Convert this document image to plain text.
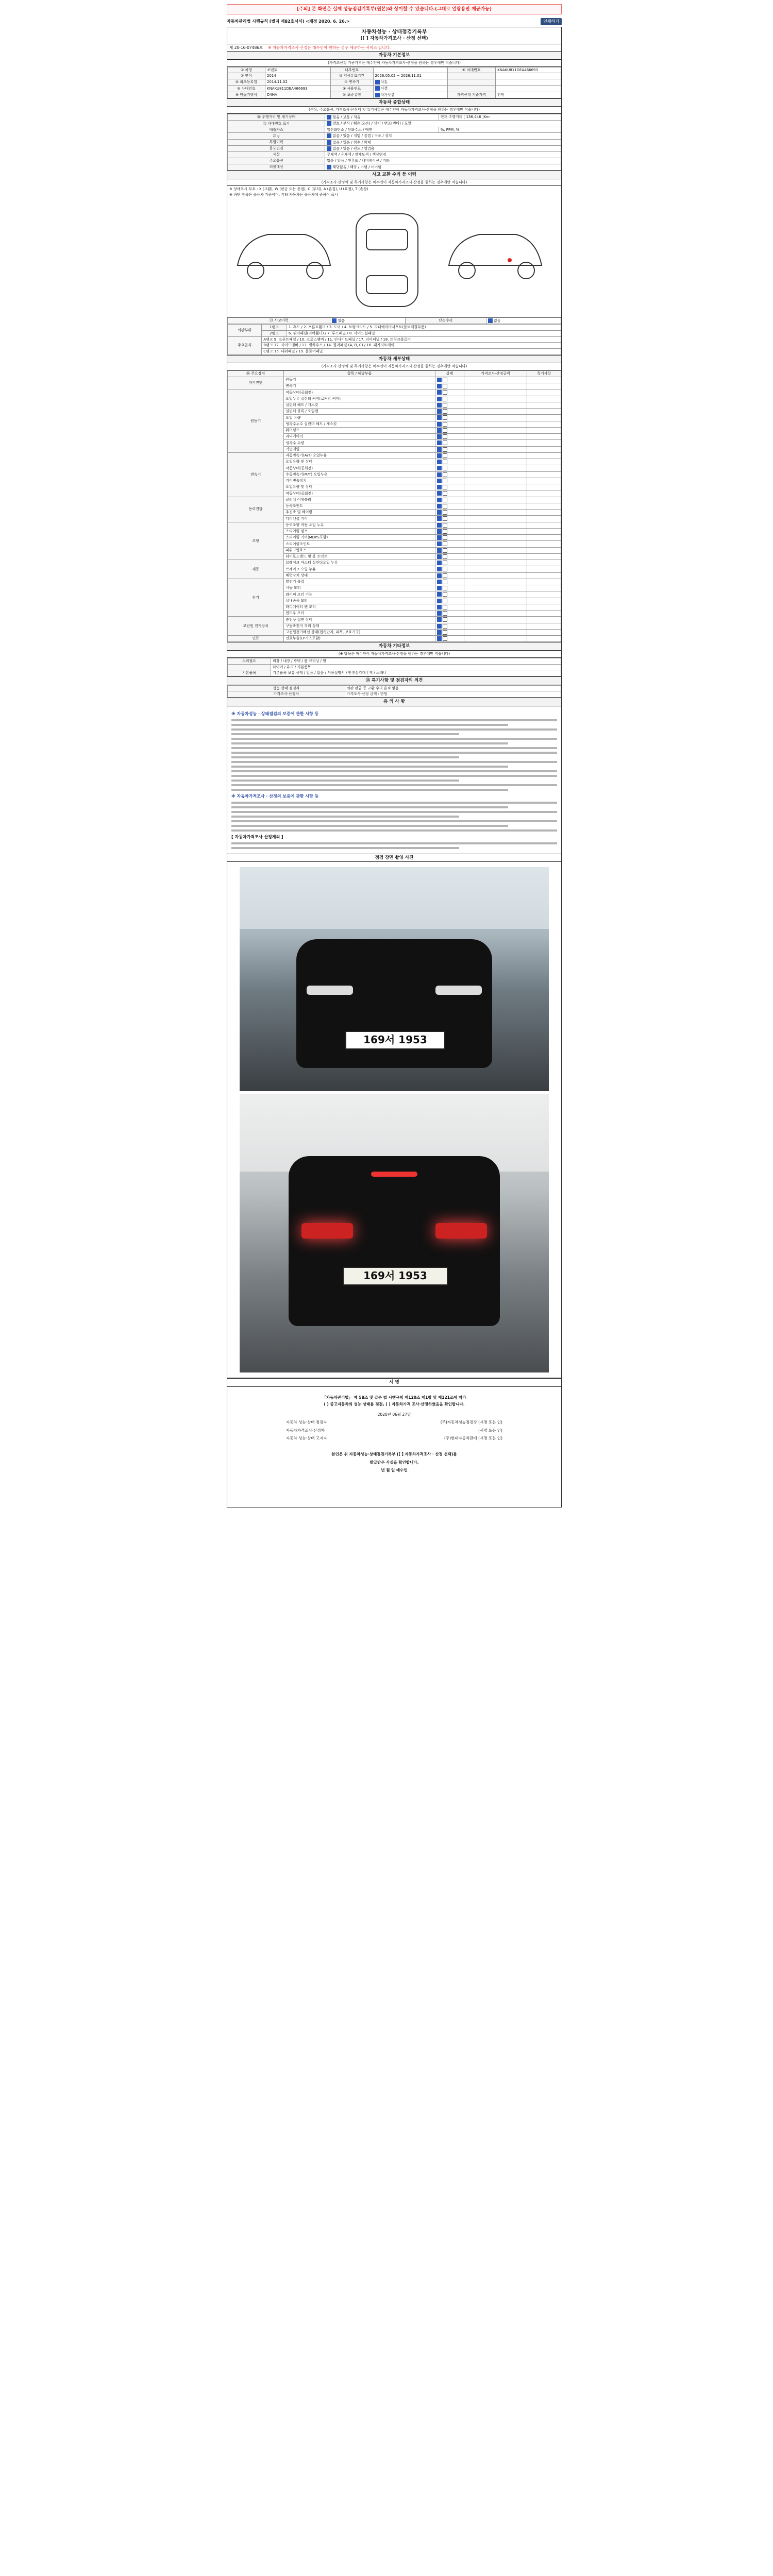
[주의] 본 화면은 실제 성능점검기록부(원본)와 상이할 수 있습니다.(그대로 열람용만 제공가능)
자동차관리법 시행규칙 [별지 제82호서식] <개정 2020. 6. 26.>	인쇄하기
자동차성능 · 상태점검기록부
([ ] 자동차가격조사 · 산정 선택)
제 20-16-07486호 ※ 자동차가격조사·산정은 매수인이 원하는 경우 제공하는 서비스 입니다.
자동차 기본정보
(가격조산정 기준가격은 매수인이 자동차가격조사·산정을 원하는 경우에만 적습니다)
① 차명	쏘렌토	내부번호		⑥ 차대번호	KNAKU811DEA466693
② 연식	2014	③ 검사유효기간	2026.05.02 ~ 2026.11.01		
④ 최초등록일	2014.11.02	⑦ 변속기	자동		
⑤ 차대번호	KNAKU811DEA466693	⑧ 사용연료	디젤		
⑨ 원동기형식	D4HA	⑩ 보증유형	자가보증	가격산정 기준가격	만원
자동차 종합상태
(색상, 주요옵션, 가격조사·산정액 및 특기사항은 매수인이 자동차가격조사·산정을 원하는 경우에만 적습니다)
⑪ 주행거리 및 계기상태	많음 / 보통 / 적음	현재 주행거리 [ 136,446 ]Km
⑫ 차대번호 표기	양호 / 부식 / 훼손(오손) / 상이 / 변조(변타) / 도말	
배출가스	일산화탄소 / 탄화수소 / 매연	%, PPM, %
튜닝	없음 / 있음 / 적법 / 불법 / 구조 / 장치	
특별이력	없음 / 있음 / 침수 / 화재	
용도변경	없음 / 있음 / 렌트 / 영업용	
색상	무채색 / 유채색 / 전체도색 / 색상변경	
주요옵션	없음 / 있음 / 썬루프 / 네비게이션 / 기타	
리콜대상	해당없음 / 해당 / 이행 / 미이행	
사고 교환 수리 등 이력
(가격조사·산정액 및 특기사항은 매수인이 자동차가격조사·산정을 원하는 경우에만 적습니다)
※ 상태표시 부호 : X (교환), W (판금 또는 용접), C (부식), A (흠집), U (요철), T (손상)
※ 하단 항목은 승용차 기준이며, 기타 자동차는 승용차에 준하여 표시
⑬ 사고이력	없음	단순수리	없음
외판부위	1랭크	1. 후드 / 2. 프론트휀더 / 3. 도어 / 4. 트렁크리드 / 5. 라디에이터서포트(볼트체결부품)
	2랭크	6. 쿼터패널(리어휀더) / 7. 루프패널 / 8. 사이드실패널
주요골격	A랭크 9. 프론트패널 / 10. 크로스멤버 / 11. 인사이드패널 / 17. 리어패널 / 18. 트렁크플로어	
	B랭크 12. 사이드멤버 / 13. 휠하우스 / 14. 필러패널 (A, B, C) / 16. 패키지트레이	
	C랭크 15. 대쉬패널 / 19. 플로어패널	
자동차 세부상태
(가격조사·산정액 및 특기사항은 매수인이 자동차가격조사·산정을 원하는 경우에만 적습니다)
⑭ 주요장치	항목 / 해당부품	상태	가격조사·산정금액	특기사항
자기진단	원동기			
	변속기			
원동기	작동상태(공회전)			
	오일누유 실린더 커버(로커암 커버)			
	실린더 헤드 / 개스킷			
	실린더 블록 / 오일팬			
	오일 유량			
	냉각수누수 실린더 헤드 / 개스킷			
	워터펌프			
	라디에이터			
	냉각수 수량			
	커먼레일			
변속기	자동변속기(A/T) 오일누유			
	오일유량 및 상태			
	작동상태(공회전)			
	수동변속기(M/T) 오일누유			
	기어변속장치			
	오일유량 및 상태			
	작동상태(공회전)			
동력전달	클러치 어셈블리			
	등속조인트			
	추진축 및 베어링			
	디퍼렌셜 기어			
조향	동력조향 작동 오일 누유			
	스티어링 펌프			
	스티어링 기어(MDPS포함)			
	스티어링조인트			
	파워고압호스			
	타이로드엔드 및 볼 조인트			
제동	브레이크 마스터 실린더오일 누유			
	브레이크 오일 누유			
	배력장치 상태			
전기	발전기 출력			
	시동 모터			
	와이퍼 모터 기능			
	실내송풍 모터			
	라디에이터 팬 모터			
	윈도우 모터			
고전원 전기장치	충전구 절연 상태			
	구동축전지 격리 상태			
	고전원전기배선 상태(접속단자, 피복, 보호기구)			
연료	연료누출(LP가스포함)			
자동차 기타정보
(※ 항목은 매수인이 자동차가격조사·산정을 원하는 경우에만 적습니다)
수리필요	외장 / 내장 / 광택 / 룸 크리닝 / 휠
	타이어 / 유리 / 기본품목
기본품목	기본품목 보유 상태 / 있음 / 없음 / 사용설명서 / 안전삼각대 / 잭 / 스패너
⑮ 특기사항 및 점검자의 의견
성능·상태 점검자	외판 판금 등 교환 수리 흔적 없음
가격조사·산정자	가격조사·산정 금액 : 만원
유 의 사 항
※ 자동차성능 · 상태점검의 보증에 관한 사항 등
※ 자동차가격조사 · 산정의 보증에 관한 사항 등
[ 자동차가격조사 산정제외 ]
점검 장면 촬영 사진
169서 1953
169서 1953
서 명
「자동차관리법」 제 58조 및 같은 법 시행규칙 제120조 제1항 및 제121조에 따라
( ) 중고자동차의 성능·상태를 점검, ( ) 자동차가격 조사·산정하였음을 확인합니다.
2020년 06월 27일
자동차 성능·상태 점검자	(주)자동차성능점검장 (서명 또는 인)
자동차가격조사·산정자	(서명 또는 인)
자동차 성능·상태 고지자	(주)현대자동차판매 (서명 또는 인)
본인은 위 자동차성능·상태점검기록부 ([ ] 자동차가격조사 · 산정 선택)를
발급받은 사실을 확인합니다.
년 월 일 매수인
